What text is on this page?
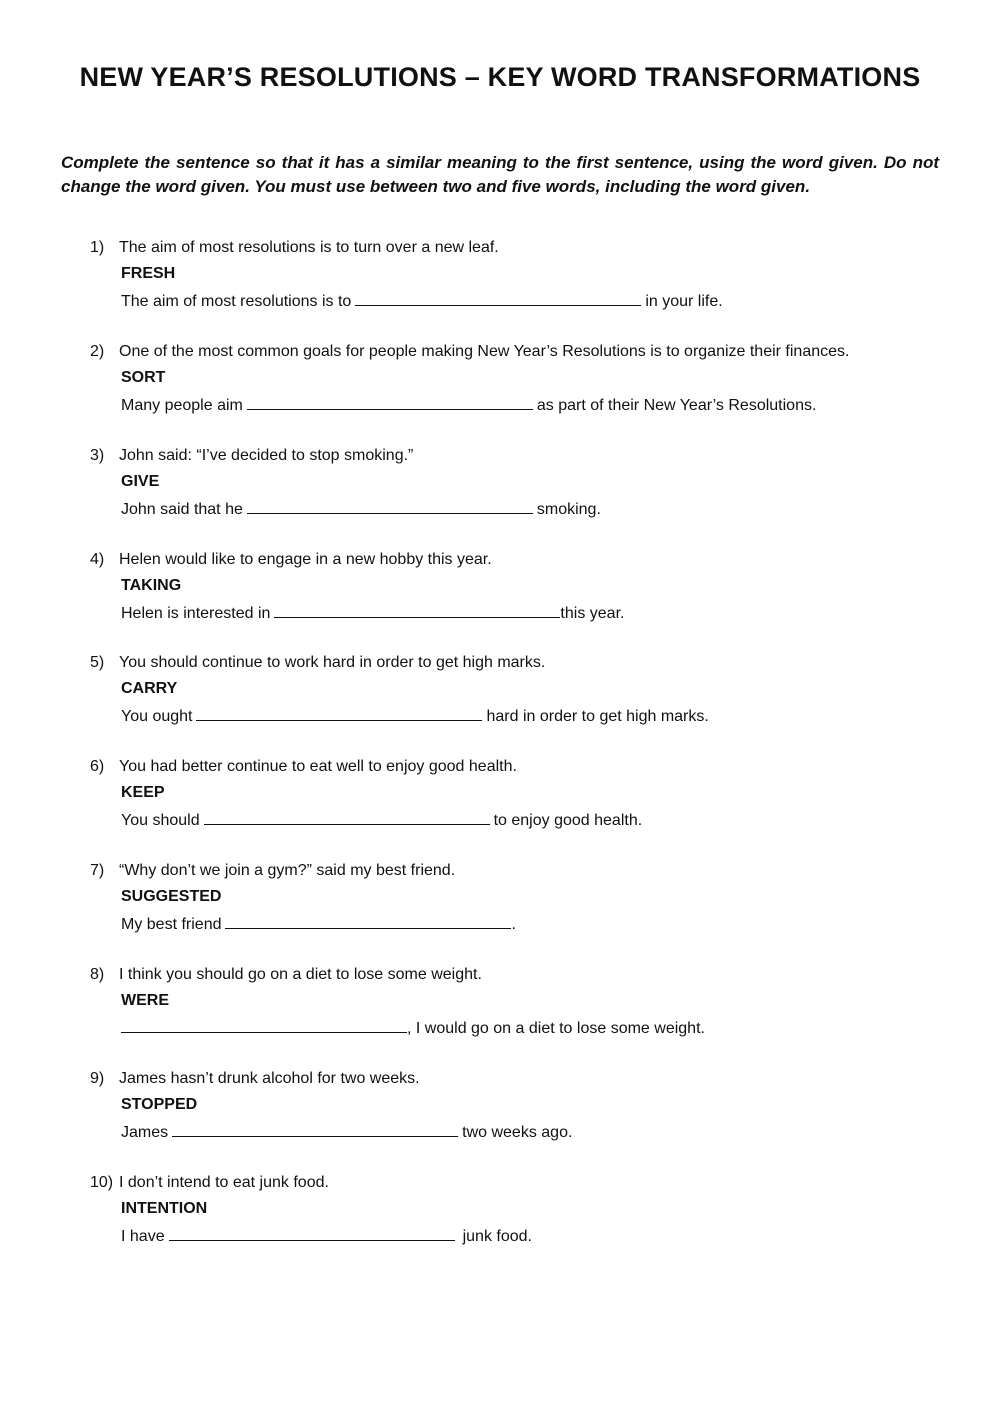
NEW YEAR’S RESOLUTIONS – KEY WORD TRANSFORMATIONS

Complete the sentence so that it has a similar meaning to the first sentence, using the word given. Do not change the word given. You must use between two and five words, including the word given.

1) The aim of most resolutions is to turn over a new leaf.
FRESH
The aim of most resolutions is to	in your life.
2) One of the most common goals for people making New Year’s Resolutions is to organize their finances.
SORT
Many people aim	as part of their New Year’s Resolutions.
3) John said: “I’ve decided to stop smoking.”
GIVE
John said that he	smoking.
4) Helen would like to engage in a new hobby this year.
TAKING
Helen is interested in	this year.
5) You should continue to work hard in order to get high marks.
CARRY
You ought	hard in order to get high marks.
6) You had better continue to eat well to enjoy good health.
KEEP
You should	to enjoy good health.
7) “Why don’t we join a gym?” said my best friend.
SUGGESTED
My best friend	.
8) I think you should go on a diet to lose some weight.
WERE
, I would go on a diet to lose some weight.
9) James hasn’t drunk alcohol for two weeks.
STOPPED
James	two weeks ago.
10) I don’t intend to eat junk food.
INTENTION
I have	junk food.
